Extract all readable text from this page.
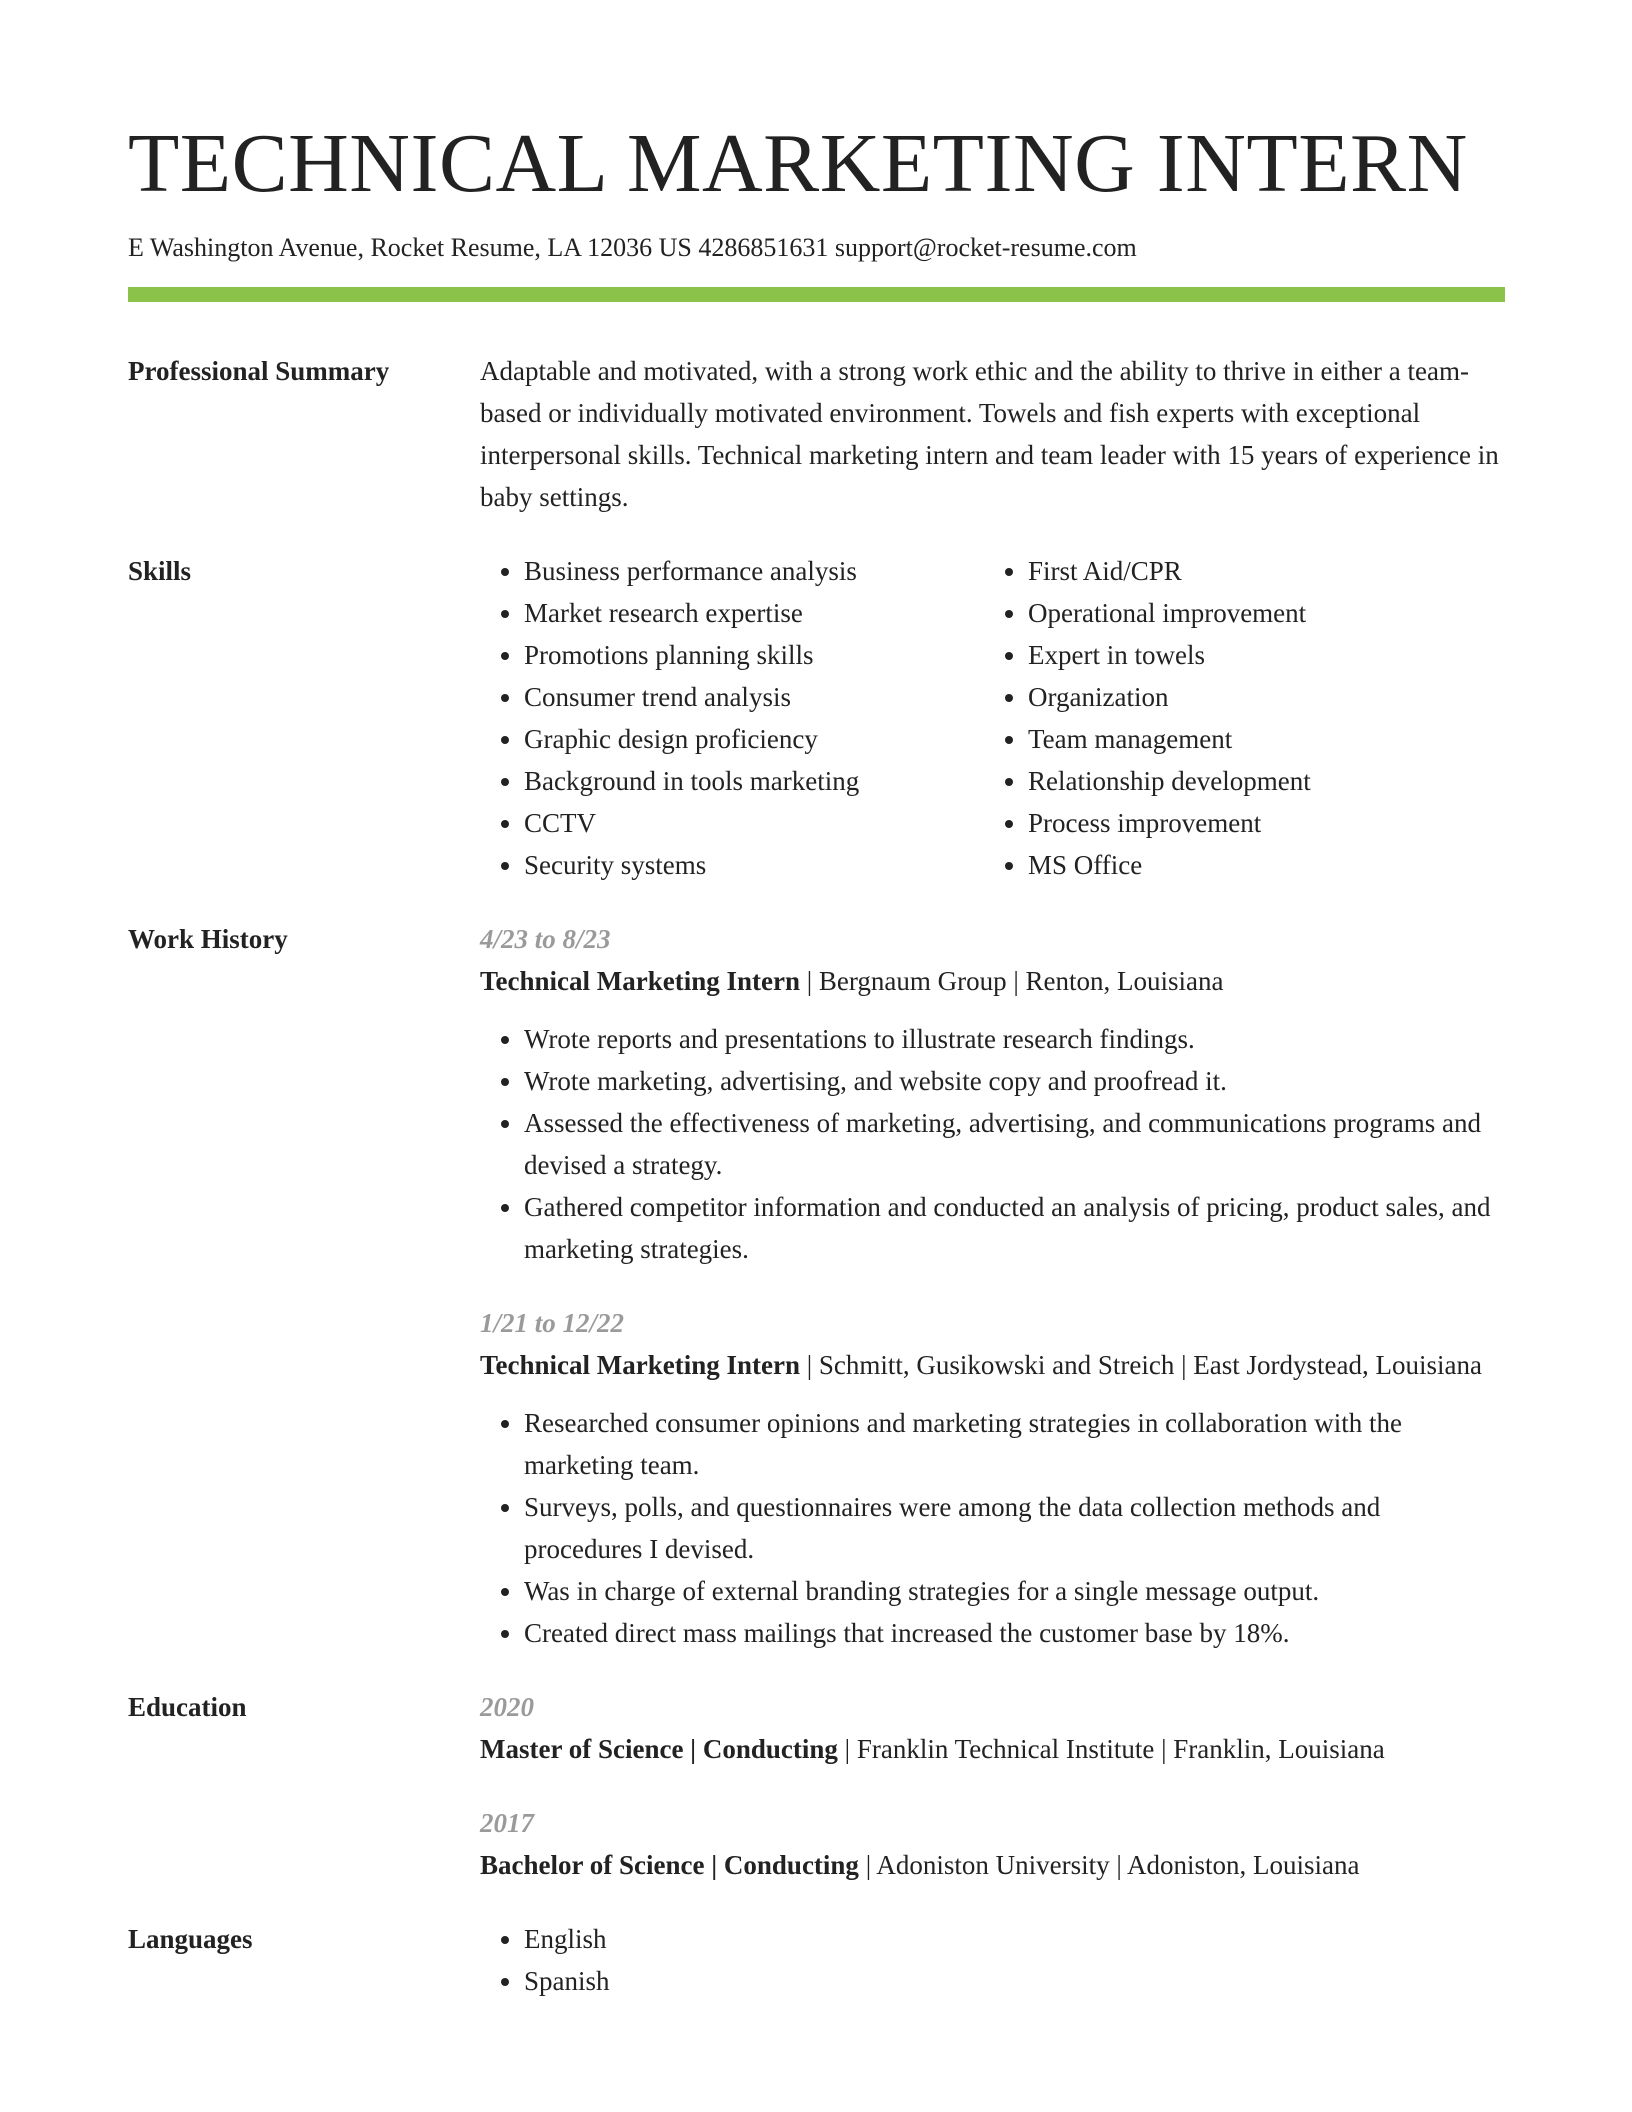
TECHNICAL MARKETING INTERN
E Washington Avenue, Rocket Resume, LA 12036 US 4286851631 support@rocket-resume.com
Professional Summary	Adaptable and motivated, with a strong work ethic and the ability to thrive in either a team-based or individually motivated environment. Towels and fish experts with exceptional interpersonal skills. Technical marketing intern and team leader with 15 years of experience in baby settings.
Skills	• Business performance analysis
• Market research expertise
• Promotions planning skills
• Consumer trend analysis
• Graphic design proficiency
• Background in tools marketing
• CCTV
• Security systems
• First Aid/CPR
• Operational improvement
• Expert in towels
• Organization
• Team management
• Relationship development
• Process improvement
• MS Office
Work History	4/23 to 8/23
Technical Marketing Intern | Bergnaum Group | Renton, Louisiana
• Wrote reports and presentations to illustrate research findings.
• Wrote marketing, advertising, and website copy and proofread it.
• Assessed the effectiveness of marketing, advertising, and communications programs and devised a strategy.
• Gathered competitor information and conducted an analysis of pricing, product sales, and marketing strategies.
1/21 to 12/22
Technical Marketing Intern | Schmitt, Gusikowski and Streich | East Jordystead, Louisiana
• Researched consumer opinions and marketing strategies in collaboration with the marketing team.
• Surveys, polls, and questionnaires were among the data collection methods and procedures I devised.
• Was in charge of external branding strategies for a single message output.
• Created direct mass mailings that increased the customer base by 18%.
Education	2020
Master of Science | Conducting | Franklin Technical Institute | Franklin, Louisiana
2017
Bachelor of Science | Conducting | Adoniston University | Adoniston, Louisiana
Languages	• English
• Spanish
